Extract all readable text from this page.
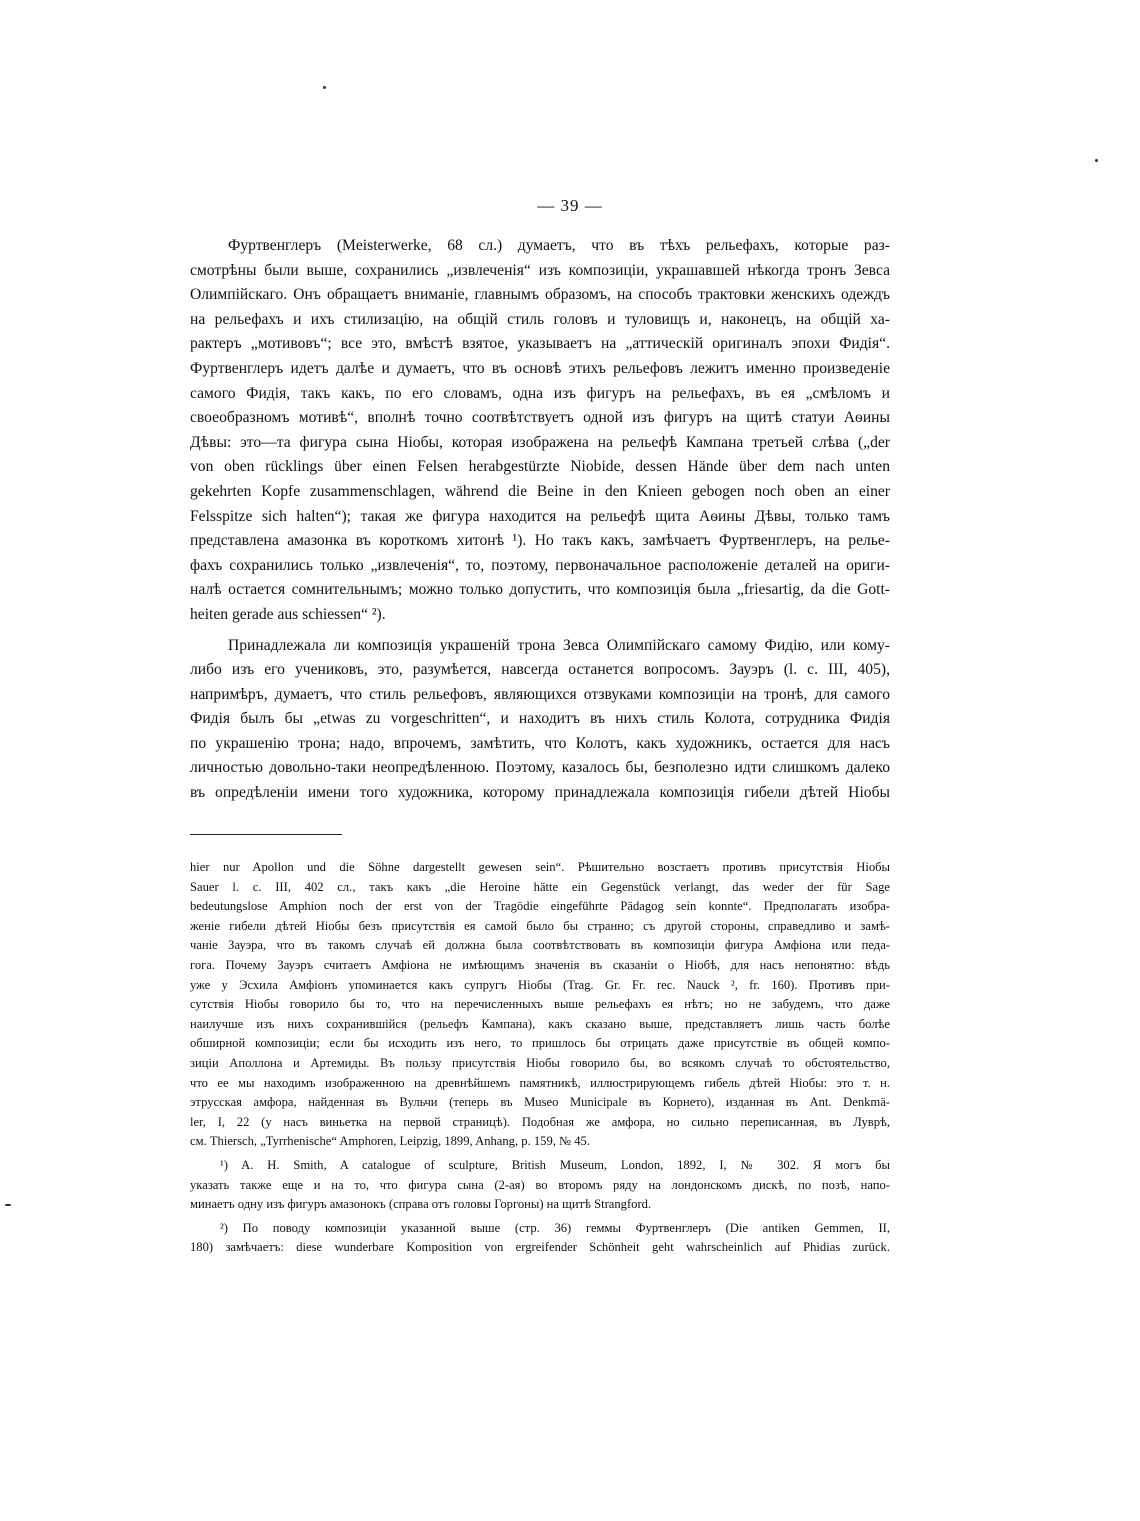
— 39 —
Фуртвенглеръ (Meisterwerke, 68 сл.) думаетъ, что въ тѣхъ рельефахъ, которые раз-
смотрѣны были выше, сохранились „извлеченія“ изъ композиціи, украшавшей нѣкогда тронъ Зевса
Олимпійскаго. Онъ обращаетъ вниманіе, главнымъ образомъ, на способъ трактовки женскихъ одеждъ
на рельефахъ и ихъ стилизацію, на общій стиль головъ и туловищъ и, наконецъ, на общій ха-
рактеръ „мотивовъ“; все это, вмѣстѣ взятое, указываетъ на „аттическій оригиналъ эпохи Фидія“.
Фуртвенглеръ идетъ далѣе и думаетъ, что въ основѣ этихъ рельефовъ лежитъ именно произведеніе
самого Фидія, такъ какъ, по его словамъ, одна изъ фигуръ на рельефахъ, въ ея „смѣломъ и
своеобразномъ мотивѣ“, вполнѣ точно соотвѣтствуетъ одной изъ фигуръ на щитѣ статуи Аѳины
Дѣвы: это—та фигура сына Ніобы, которая изображена на рельефѣ Кампана третьей слѣва („der
von oben rücklings über einen Felsen herabgestürzte Niobide, dessen Hände über dem nach unten
gekehrten Kopfe zusammenschlagen, während die Beine in den Knieen gebogen noch oben an einer
Felsspitze sich halten“); такая же фигура находится на рельефѣ щита Аѳины Дѣвы, только тамъ
представлена амазонка въ короткомъ хитонѣ ¹). Но такъ какъ, замѣчаетъ Фуртвенглеръ, на релье-
фахъ сохранились только „извлеченія“, то, поэтому, первоначальное расположеніе деталей на ориги-
налѣ остается сомнительнымъ; можно только допустить, что композиція была „friesartig, da die Gott-
heiten gerade aus schiessen“ ²).
Принадлежала ли композиція украшеній трона Зевса Олимпійскаго самому Фидію, или кому-
либо изъ его учениковъ, это, разумѣется, навсегда останется вопросомъ. Зауэръ (l. c. III, 405),
напримѣръ, думаетъ, что стиль рельефовъ, являющихся отзвуками композиціи на тронѣ, для самого
Фидія былъ бы „etwas zu vorgeschritten“, и находитъ въ нихъ стиль Колота, сотрудника Фидія
по украшенію трона; надо, впрочемъ, замѣтить, что Колотъ, какъ художникъ, остается для насъ
личностью довольно-таки неопредѣленною. Поэтому, казалось бы, безполезно идти слишкомъ далеко
въ опредѣленіи имени того художника, которому принадлежала композиція гибели дѣтей Ніобы
hier nur Apollon und die Söhne dargestellt gewesen sein“. Рѣшительно возстаетъ противъ присутствія Ніобы
Sauer l. c. III, 402 сл., такъ какъ „die Heroine hätte ein Gegenstück verlangt, das weder der für Sage
bedeutungslose Amphion noch der erst von der Tragödie eingeführte Pädagog sein konnte“. Предполагать изобра-
женіе гибели дѣтей Ніобы безъ присутствія ея самой было бы странно; съ другой стороны, справедливо и замѣ-
чаніе Зауэра, что въ такомъ случаѣ ей должна была соотвѣтствовать въ композиціи фигура Амфіона или педа-
гога. Почему Зауэръ считаетъ Амфіона не имѣющимъ значенія въ сказаніи о Ніобѣ, для насъ непонятно: вѣдь
уже у Эсхила Амфіонъ упоминается какъ супругъ Ніобы (Trag. Gr. Fr. rec. Nauck ², fr. 160). Противъ при-
сутствія Ніобы говорило бы то, что на перечисленныхъ выше рельефахъ ея нѣтъ; но не забудемъ, что даже
наилучше изъ нихъ сохранившійся (рельефъ Кампана), какъ сказано выше, представляетъ лишь часть болѣе
обширной композиціи; если бы исходить изъ него, то пришлось бы отрицать даже присутствіе въ общей компо-
зиціи Аполлона и Артемиды. Въ пользу присутствія Ніобы говорило бы, во всякомъ случаѣ то обстоятельство,
что ее мы находимъ изображенною на древнѣйшемъ памятникѣ, иллюстрирующемъ гибель дѣтей Ніобы: это т. н.
этрусская амфора, найденная въ Вульчи (теперь въ Museo Municipale въ Корнето), изданная въ Ant. Denkmä-
ler, I, 22 (у насъ виньетка на первой страницѣ). Подобная же амфора, но сильно переписанная, въ Луврѣ,
см. Thiersch, „Tyrrhenische“ Amphoren, Leipzig, 1899, Anhang, p. 159, № 45.
¹) A. H. Smith, A catalogue of sculpture, British Museum, London, 1892, I, № 302. Я могъ бы
указать также еще и на то, что фигура сына (2-ая) во второмъ ряду на лондонскомъ дискѣ, по позѣ, напо-
минаетъ одну изъ фигуръ амазонокъ (справа отъ головы Горгоны) на щитѣ Strangford.
²) По поводу композиціи указанной выше (стр. 36) геммы Фуртвенглеръ (Die antiken Gemmen, II,
180) замѣчаетъ: diese wunderbare Komposition von ergreifender Schönheit geht wahrscheinlich auf Phidias zurück.
